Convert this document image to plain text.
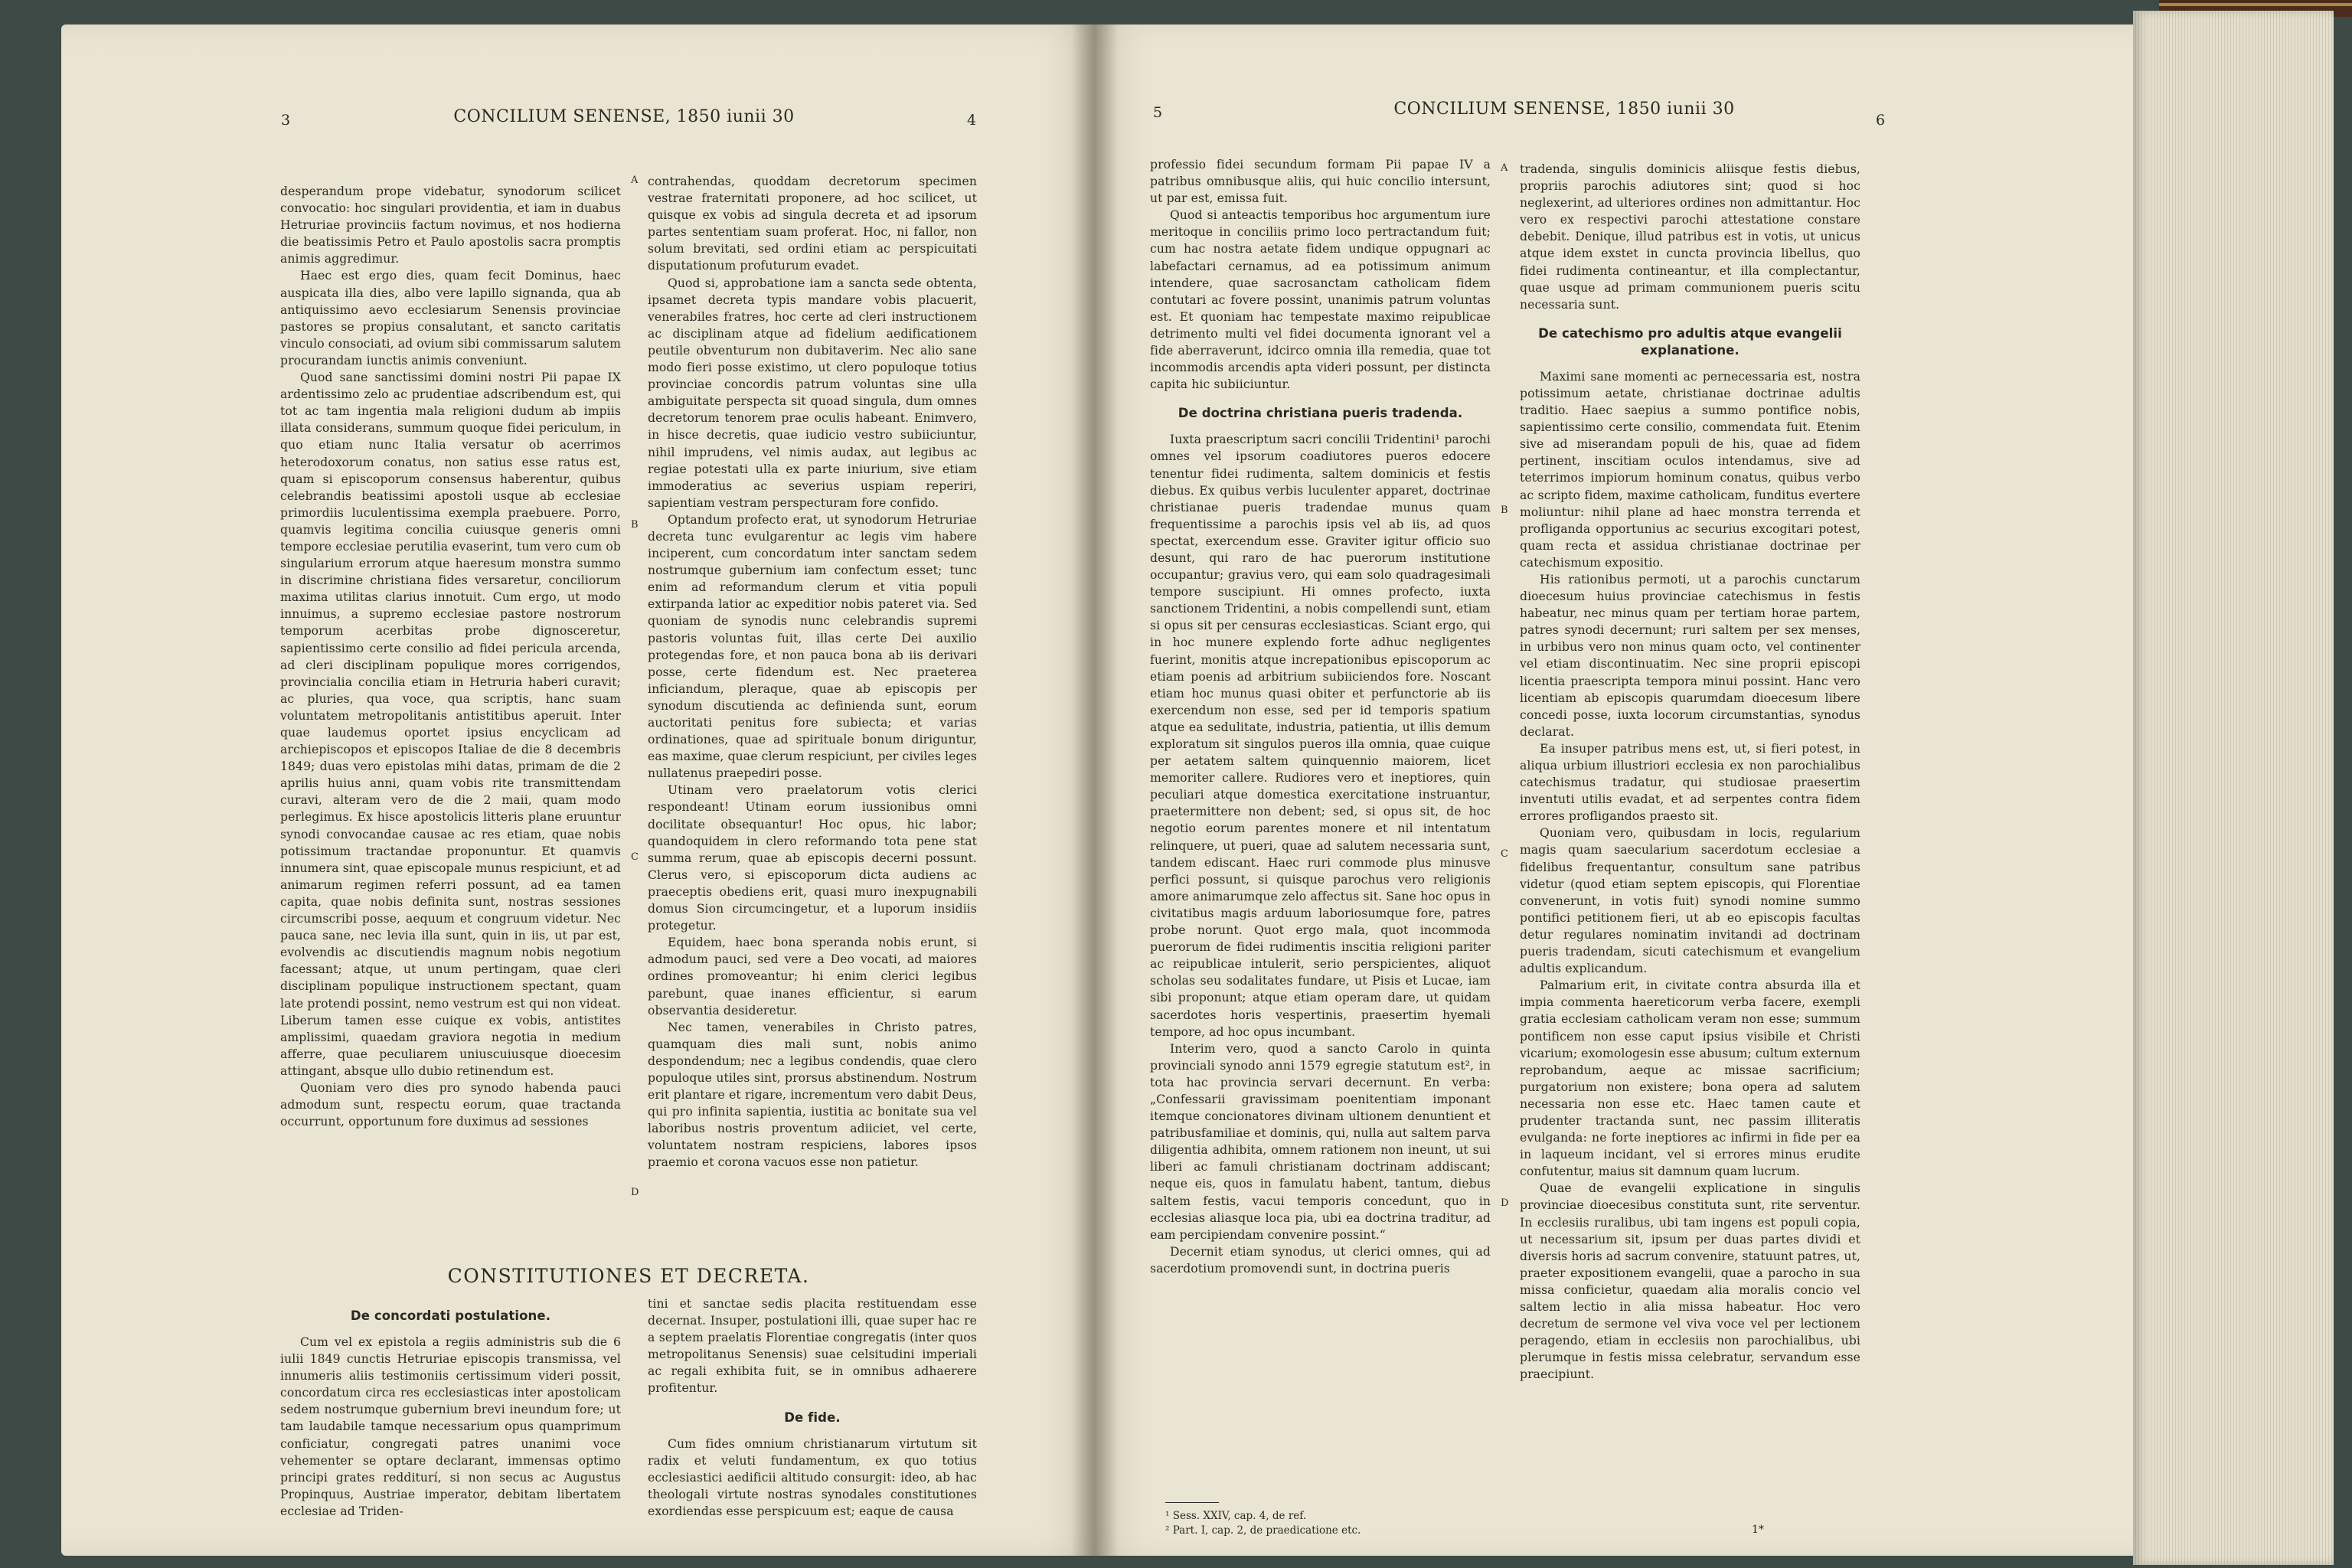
3	CONCILIUM SENENSE, 1850 iunii 30	4

desperandum prope videbatur, synodorum scilicet convocatio: hoc singulari providentia, et iam in duabus Hetruriae provinciis factum novimus, et nos hodierna die beatissimis Petro et Paulo apostolis sacra promptis animis aggredimur.

Haec est ergo dies, quam fecit Dominus, haec auspicata illa dies, albo vere lapillo signanda, qua ab antiquissimo aevo ecclesiarum Senensis provinciae pastores se propius consalutant, et sancto caritatis vinculo consociati, ad ovium sibi commissarum salutem procurandam iunctis animis conveniunt.

Quod sane sanctissimi domini nostri Pii papae IX ardentissimo zelo ac prudentiae adscribendum est, qui tot ac tam ingentia mala religioni dudum ab impiis illata considerans, summum quoque fidei periculum, in quo etiam nunc Italia versatur ob acerrimos heterodoxorum conatus, non satius esse ratus est, quam si episcoporum consensus haberentur, quibus celebrandis beatissimi apostoli usque ab ecclesiae primordiis luculentissima exempla praebuere. Porro, quamvis legitima concilia cuiusque generis omni tempore ecclesiae perutilia evaserint, tum vero cum ob singularium errorum atque haeresum monstra summo in discrimine christiana fides versaretur, conciliorum maxima utilitas clarius innotuit. Cum ergo, ut modo innuimus, a supremo ecclesiae pastore nostrorum temporum acerbitas probe dignosceretur, sapientissimo certe consilio ad fidei pericula arcenda, ad cleri disciplinam populique mores corrigendos, provincialia concilia etiam in Hetruria haberi curavit; ac pluries, qua voce, qua scriptis, hanc suam voluntatem metropolitanis antistitibus aperuit. Inter quae laudemus oportet ipsius encyclicam ad archiepiscopos et episcopos Italiae de die 8 decembris 1849; duas vero epistolas mihi datas, primam de die 2 aprilis huius anni, quam vobis rite transmittendam curavi, alteram vero de die 2 maii, quam modo perlegimus. Ex hisce apostolicis litteris plane eruuntur synodi convocandae causae ac res etiam, quae nobis potissimum tractandae proponuntur. Et quamvis innumera sint, quae episcopale munus respiciunt, et ad animarum regimen referri possunt, ad ea tamen capita, quae nobis definita sunt, nostras sessiones circumscribi posse, aequum et congruum videtur. Nec pauca sane, nec levia illa sunt, quin in iis, ut par est, evolvendis ac discutiendis magnum nobis negotium facessant; atque, ut unum pertingam, quae cleri disciplinam populique instructionem spectant, quam late protendi possint, nemo vestrum est qui non videat. Liberum tamen esse cuique ex vobis, antistites amplissimi, quaedam graviora negotia in medium afferre, quae peculiarem uniuscuiusque dioecesim attingant, absque ullo dubio retinendum est.

Quoniam vero dies pro synodo habenda pauci admodum sunt, respectu eorum, quae tractanda occurrunt, opportunum fore duximus ad sessiones

contrahendas, quoddam decretorum specimen vestrae fraternitati proponere, ad hoc scilicet, ut quisque ex vobis ad singula decreta et ad ipsorum partes sententiam suam proferat. Hoc, ni fallor, non solum brevitati, sed ordini etiam ac perspicuitati disputationum profuturum evadet.

Quod si, approbatione iam a sancta sede obtenta, ipsamet decreta typis mandare vobis placuerit, venerabiles fratres, hoc certe ad cleri instructionem ac disciplinam atque ad fidelium aedificationem peutile obventurum non dubitaverim. Nec alio sane modo fieri posse existimo, ut clero populoque totius provinciae concordis patrum voluntas sine ulla ambiguitate perspecta sit quoad singula, dum omnes decretorum tenorem prae oculis habeant. Enimvero, in hisce decretis, quae iudicio vestro subiiciuntur, nihil imprudens, vel nimis audax, aut legibus ac regiae potestati ulla ex parte iniurium, sive etiam immoderatius ac severius uspiam reperiri, sapientiam vestram perspecturam fore confido.

Optandum profecto erat, ut synodorum Hetruriae decreta tunc evulgarentur ac legis vim habere inciperent, cum concordatum inter sanctam sedem nostrumque gubernium iam confectum esset; tunc enim ad reformandum clerum et vitia populi extirpanda latior ac expeditior nobis pateret via. Sed quoniam de synodis nunc celebrandis supremi pastoris voluntas fuit, illas certe Dei auxilio protegendas fore, et non pauca bona ab iis derivari posse, certe fidendum est. Nec praeterea inficiandum, pleraque, quae ab episcopis per synodum discutienda ac definienda sunt, eorum auctoritati penitus fore subiecta; et varias ordinationes, quae ad spirituale bonum diriguntur, eas maxime, quae clerum respiciunt, per civiles leges nullatenus praepediri posse.

Utinam vero praelatorum votis clerici respondeant! Utinam eorum iussionibus omni docilitate obsequantur! Hoc opus, hic labor; quandoquidem in clero reformando tota pene stat summa rerum, quae ab episcopis decerni possunt. Clerus vero, si episcoporum dicta audiens ac praeceptis obediens erit, quasi muro inexpugnabili domus Sion circumcingetur, et a luporum insidiis protegetur.

Equidem, haec bona speranda nobis erunt, si admodum pauci, sed vere a Deo vocati, ad maiores ordines promoveantur; hi enim clerici legibus parebunt, quae inanes efficientur, si earum observantia desideretur.

Nec tamen, venerabiles in Christo patres, quamquam dies mali sunt, nobis animo despondendum; nec a legibus condendis, quae clero populoque utiles sint, prorsus abstinendum. Nostrum erit plantare et rigare, incrementum vero dabit Deus, qui pro infinita sapientia, iustitia ac bonitate sua vel laboribus nostris proventum adiiciet, vel certe, voluntatem nostram respiciens, labores ipsos praemio et corona vacuos esse non patietur.

A
B
C
D
CONSTITUTIONES ET DECRETA.
De concordati postulatione.

Cum vel ex epistola a regiis administris sub die 6 iulii 1849 cunctis Hetruriae episcopis transmissa, vel innumeris aliis testimoniis certissimum videri possit, concordatum circa res ecclesiasticas inter apostolicam sedem nostrumque gubernium brevi ineundum fore; ut tam laudabile tamque necessarium opus quamprimum conficiatur, congregati patres unanimi voce vehementer se optare declarant, immensas optimo principi grates redditurí, si non secus ac Augustus Propinquus, Austriae imperator, debitam libertatem ecclesiae ad Triden-

tini et sanctae sedis placita restituendam esse decernat. Insuper, postulationi illi, quae super hac re a septem praelatis Florentiae congregatis (inter quos metropolitanus Senensis) suae celsitudini imperiali ac regali exhibita fuit, se in omnibus adhaerere profitentur.

De fide.

Cum fides omnium christianarum virtutum sit radix et veluti fundamentum, ex quo totius ecclesiastici aedificii altitudo consurgit: ideo, ab hac theologali virtute nostras synodales constitutiones exordiendas esse perspicuum est; eaque de causa

5	CONCILIUM SENENSE, 1850 iunii 30
6

professio fidei secundum formam Pii papae IV a patribus omnibusque aliis, qui huic concilio intersunt, ut par est, emissa fuit.

Quod si anteactis temporibus hoc argumentum iure meritoque in conciliis primo loco pertractandum fuit; cum hac nostra aetate fidem undique oppugnari ac labefactari cernamus, ad ea potissimum animum intendere, quae sacrosanctam catholicam fidem contutari ac fovere possint, unanimis patrum voluntas est. Et quoniam hac tempestate maximo reipublicae detrimento multi vel fidei documenta ignorant vel a fide aberraverunt, idcirco omnia illa remedia, quae tot incommodis arcendis apta videri possunt, per distincta capita hic subiiciuntur.

De doctrina christiana pueris tradenda.

Iuxta praescriptum sacri concilii Tridentini¹ parochi omnes vel ipsorum coadiutores pueros edocere tenentur fidei rudimenta, saltem dominicis et festis diebus. Ex quibus verbis luculenter apparet, doctrinae christianae pueris tradendae munus quam frequentissime a parochis ipsis vel ab iis, ad quos spectat, exercendum esse. Graviter igitur officio suo desunt, qui raro de hac puerorum institutione occupantur; gravius vero, qui eam solo quadragesimali tempore suscipiunt. Hi omnes profecto, iuxta sanctionem Tridentini, a nobis compellendi sunt, etiam si opus sit per censuras ecclesiasticas. Sciant ergo, qui in hoc munere explendo forte adhuc negligentes fuerint, monitis atque increpationibus episcoporum ac etiam poenis ad arbitrium subiiciendos fore. Noscant etiam hoc munus quasi obiter et perfunctorie ab iis exercendum non esse, sed per id temporis spatium atque ea sedulitate, industria, patientia, ut illis demum exploratum sit singulos pueros illa omnia, quae cuique per aetatem saltem quinquennio maiorem, licet memoriter callere. Rudiores vero et ineptiores, quin peculiari atque domestica exercitatione instruantur, praetermittere non debent; sed, si opus sit, de hoc negotio eorum parentes monere et nil intentatum relinquere, ut pueri, quae ad salutem necessaria sunt, tandem ediscant. Haec ruri commode plus minusve perfici possunt, si quisque parochus vero religionis amore animarumque zelo affectus sit. Sane hoc opus in civitatibus magis arduum laboriosumque fore, patres probe norunt. Quot ergo mala, quot incommoda puerorum de fidei rudimentis inscitia religioni pariter ac reipublicae intulerit, serio perspicientes, aliquot scholas seu sodalitates fundare, ut Pisis et Lucae, iam sibi proponunt; atque etiam operam dare, ut quidam sacerdotes horis vespertinis, praesertim hyemali tempore, ad hoc opus incumbant.

Interim vero, quod a sancto Carolo in quinta provinciali synodo anni 1579 egregie statutum est², in tota hac provincia servari decernunt. En verba: „Confessarii gravissimam poenitentiam imponant itemque concionatores divinam ultionem denuntient et patribusfamiliae et dominis, qui, nulla aut saltem parva diligentia adhibita, omnem rationem non ineunt, ut sui liberi ac famuli christianam doctrinam addiscant; neque eis, quos in famulatu habent, tantum, diebus saltem festis, vacui temporis concedunt, quo in ecclesias aliasque loca pia, ubi ea doctrina traditur, ad eam percipiendam convenire possint.“

Decernit etiam synodus, ut clerici omnes, qui ad sacerdotium promovendi sunt, in doctrina pueris

tradenda, singulis dominicis aliisque festis diebus, propriis parochis adiutores sint; quod si hoc neglexerint, ad ulteriores ordines non admittantur. Hoc vero ex respectivi parochi attestatione constare debebit. Denique, illud patribus est in votis, ut unicus atque idem exstet in cuncta provincia libellus, quo fidei rudimenta contineantur, et illa complectantur, quae usque ad primam communionem pueris scitu necessaria sunt.

De catechismo pro adultis atque evangelii explanatione.

Maximi sane momenti ac pernecessaria est, nostra potissimum aetate, christianae doctrinae adultis traditio. Haec saepius a summo pontifice nobis, sapientissimo certe consilio, commendata fuit. Etenim sive ad miserandam populi de his, quae ad fidem pertinent, inscitiam oculos intendamus, sive ad teterrimos impiorum hominum conatus, quibus verbo ac scripto fidem, maxime catholicam, funditus evertere moliuntur: nihil plane ad haec monstra terrenda et profliganda opportunius ac securius excogitari potest, quam recta et assidua christianae doctrinae per catechismum expositio.

His rationibus permoti, ut a parochis cunctarum dioecesum huius provinciae catechismus in festis habeatur, nec minus quam per tertiam horae partem, patres synodi decernunt; ruri saltem per sex menses, in urbibus vero non minus quam octo, vel continenter vel etiam discontinuatim. Nec sine proprii episcopi licentia praescripta tempora minui possint. Hanc vero licentiam ab episcopis quarumdam dioecesum libere concedi posse, iuxta locorum circumstantias, synodus declarat.

Ea insuper patribus mens est, ut, si fieri potest, in aliqua urbium illustriori ecclesia ex non parochialibus catechismus tradatur, qui studiosae praesertim inventuti utilis evadat, et ad serpentes contra fidem errores profligandos praesto sit.

Quoniam vero, quibusdam in locis, regularium magis quam saecularium sacerdotum ecclesiae a fidelibus frequentantur, consultum sane patribus videtur (quod etiam septem episcopis, qui Florentiae convenerunt, in votis fuit) synodi nomine summo pontifici petitionem fieri, ut ab eo episcopis facultas detur regulares nominatim invitandi ad doctrinam pueris tradendam, sicuti catechismum et evangelium adultis explicandum.

Palmarium erit, in civitate contra absurda illa et impia commenta haereticorum verba facere, exempli gratia ecclesiam catholicam veram non esse; summum pontificem non esse caput ipsius visibile et Christi vicarium; exomologesin esse abusum; cultum externum reprobandum, aeque ac missae sacrificium; purgatorium non existere; bona opera ad salutem necessaria non esse etc. Haec tamen caute et prudenter tractanda sunt, nec passim illiteratis evulganda: ne forte ineptiores ac infirmi in fide per ea in laqueum incidant, vel si errores minus erudite confutentur, maius sit damnum quam lucrum.

Quae de evangelii explicatione in singulis provinciae dioecesibus constituta sunt, rite serventur. In ecclesiis ruralibus, ubi tam ingens est populi copia, ut necessarium sit, ipsum per duas partes dividi et diversis horis ad sacrum convenire, statuunt patres, ut, praeter expositionem evangelii, quae a parocho in sua missa conficietur, quaedam alia moralis concio vel saltem lectio in alia missa habeatur. Hoc vero decretum de sermone vel viva voce vel per lectionem peragendo, etiam in ecclesiis non parochialibus, ubi plerumque in festis missa celebratur, servandum esse praecipiunt.

A
B
C
D
¹ Sess. XXIV, cap. 4, de ref.
² Part. I, cap. 2, de praedicatione etc.	1*
